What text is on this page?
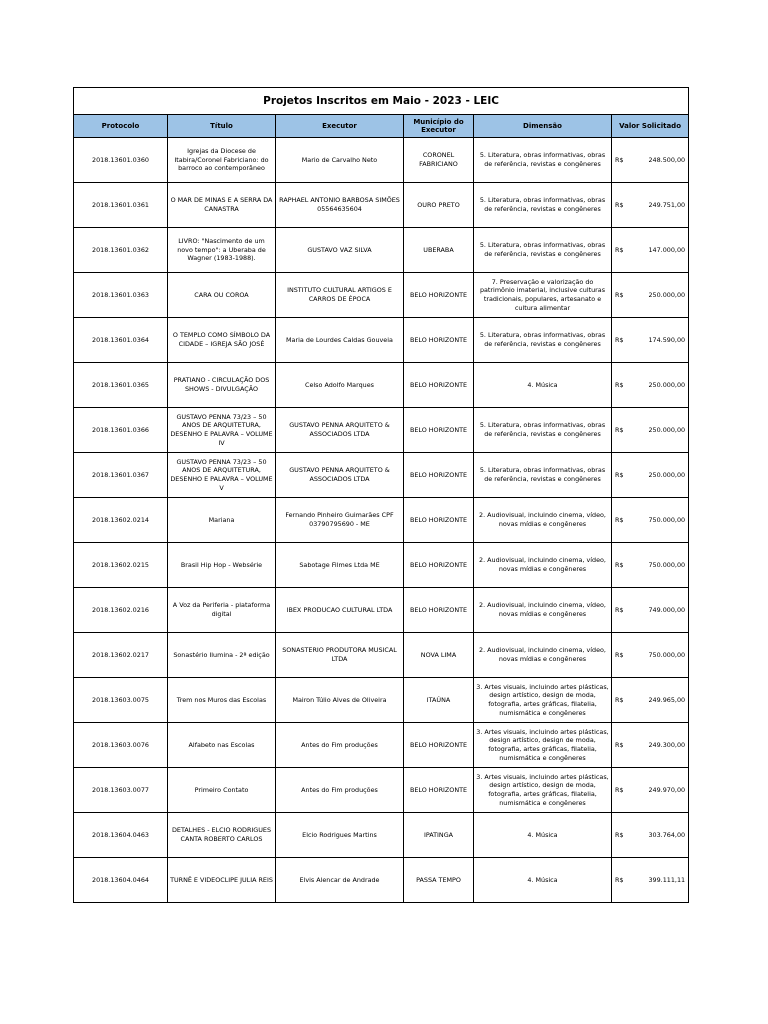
Projetos Inscritos em Maio - 2023 - LEIC					
Protocolo	Título	Executor	Município do Executor	Dimensão	Valor Solicitado
2018.13601.0360	Igrejas da Diocese de Itabira/Coronel Fabriciano: do barroco ao contemporâneo	Mario de Carvalho Neto	CORONEL FABRICIANO	5. Literatura, obras informativas, obras de referência, revistas e congêneres	R$ 248.500,00

2018.13601.0361	O MAR DE MINAS E A SERRA DA CANASTRA	RAPHAEL ANTONIO BARBOSA SIMÕES 05564635604	OURO PRETO	5. Literatura, obras informativas, obras de referência, revistas e congêneres	R$ 249.751,00

2018.13601.0362	LIVRO: "Nascimento de um novo tempo": a Uberaba de Wagner (1983-1988).	GUSTAVO VAZ SILVA	UBERABA	5. Literatura, obras informativas, obras de referência, revistas e congêneres	R$ 147.000,00

2018.13601.0363	CARA OU COROA	INSTITUTO CULTURAL ARTIGOS E CARROS DE ÉPOCA	BELO HORIZONTE	7. Preservação e valorização do patrimônio imaterial, inclusive culturas tradicionais, populares, artesanato e cultura alimentar	R$ 250.000,00

2018.13601.0364	O TEMPLO COMO SÍMBOLO DA CIDADE – IGREJA SÃO JOSÉ	Maria de Lourdes Caldas Gouveia	BELO HORIZONTE	5. Literatura, obras informativas, obras de referência, revistas e congêneres	R$ 174.590,00

2018.13601.0365	PRATIANO - CIRCULAÇÃO DOS SHOWS - DIVULGAÇÃO	Celso Adolfo Marques	BELO HORIZONTE	4. Música	R$ 250.000,00

2018.13601.0366	GUSTAVO PENNA 73/23 – 50 ANOS DE ARQUITETURA, DESENHO E PALAVRA – VOLUME IV	GUSTAVO PENNA ARQUITETO & ASSOCIADOS LTDA	BELO HORIZONTE	5. Literatura, obras informativas, obras de referência, revistas e congêneres	R$ 250.000,00

2018.13601.0367	GUSTAVO PENNA 73/23 – 50 ANOS DE ARQUITETURA, DESENHO E PALAVRA – VOLUME V	GUSTAVO PENNA ARQUITETO & ASSOCIADOS LTDA	BELO HORIZONTE	5. Literatura, obras informativas, obras de referência, revistas e congêneres	R$ 250.000,00

2018.13602.0214	Mariana	Fernando Pinheiro Guimarães CPF 03790795690 - ME	BELO HORIZONTE	2. Audiovisual, incluindo cinema, vídeo, novas mídias e congêneres	R$ 750.000,00

2018.13602.0215	Brasil Hip Hop - Websérie	Sabotage Filmes Ltda ME	BELO HORIZONTE	2. Audiovisual, incluindo cinema, vídeo, novas mídias e congêneres	R$ 750.000,00

2018.13602.0216	A Voz da Periferia - plataforma digital	IBEX PRODUCAO CULTURAL LTDA	BELO HORIZONTE	2. Audiovisual, incluindo cinema, vídeo, novas mídias e congêneres	R$ 749.000,00

2018.13602.0217	Sonastério Ilumina - 2ª edição	SONASTERIO PRODUTORA MUSICAL LTDA	NOVA LIMA	2. Audiovisual, incluindo cinema, vídeo, novas mídias e congêneres	R$ 750.000,00

2018.13603.0075	Trem nos Muros das Escolas	Mairon Túlio Alves de Oliveira	ITAÚNA	3. Artes visuais, incluindo artes plásticas, design artístico, design de moda, fotografia, artes gráficas, filatelia, numismática e congêneres	R$ 249.965,00

2018.13603.0076	Alfabeto nas Escolas	Antes do Fim produções	BELO HORIZONTE	3. Artes visuais, incluindo artes plásticas, design artístico, design de moda, fotografia, artes gráficas, filatelia, numismática e congêneres	R$ 249.300,00

2018.13603.0077	Primeiro Contato	Antes do Fim produções	BELO HORIZONTE	3. Artes visuais, incluindo artes plásticas, design artístico, design de moda, fotografia, artes gráficas, filatelia, numismática e congêneres	R$ 249.970,00

2018.13604.0463	DETALHES - ELCIO RODRIGUES CANTA ROBERTO CARLOS	Elcio Rodrigues Martins	IPATINGA	4. Música	R$ 303.764,00

2018.13604.0464	TURNÊ E VIDEOCLIPE JULIA REIS	Elvis Alencar de Andrade	PASSA TEMPO	4. Música	R$ 399.111,11
